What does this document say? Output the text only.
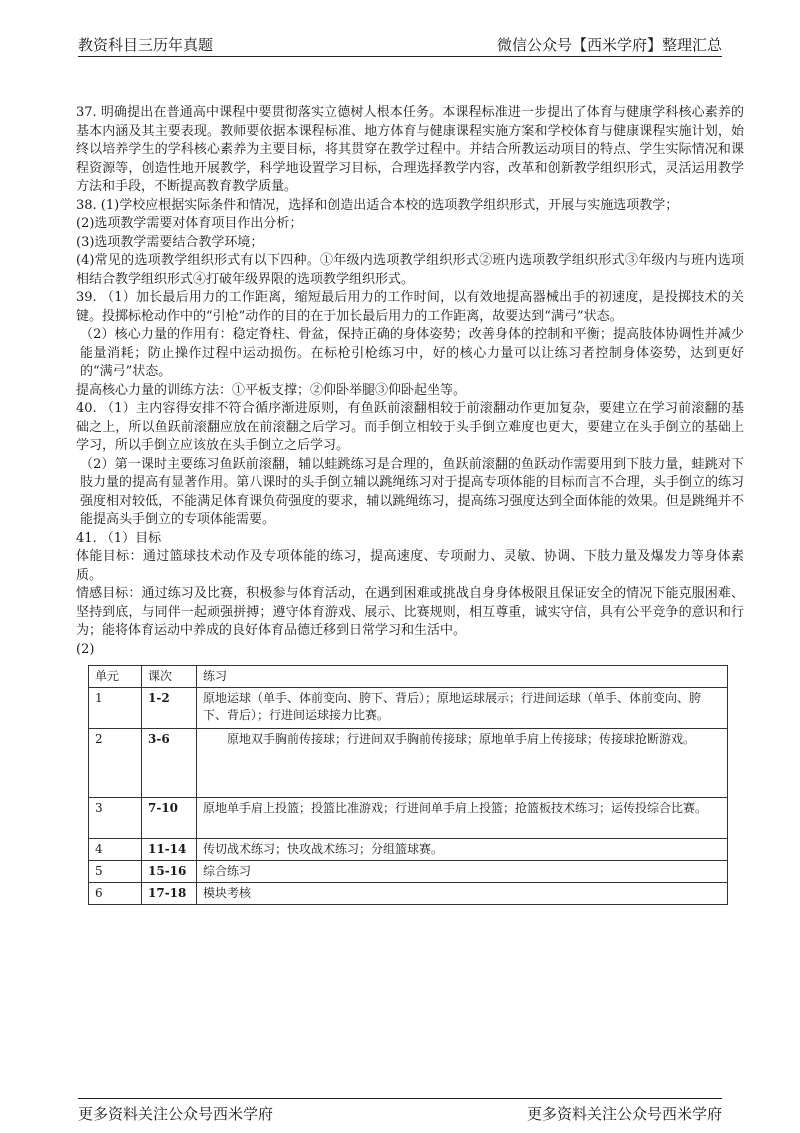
教资科目三历年真题	微信公众号【西米学府】整理汇总

37. 明确提出在普通高中课程中要贯彻落实立德树人根本任务。本课程标准进一步提出了体育与健康学科核心素养的基本内涵及其主要表现。教师要依据本课程标准、地方体育与健康课程实施方案和学校体育与健康课程实施计划，始终以培养学生的学科核心素养为主要目标，将其贯穿在教学过程中。并结合所教运动项目的特点、学生实际情况和课程资源等，创造性地开展教学，科学地设置学习目标，合理选择教学内容，改革和创新教学组织形式，灵活运用教学方法和手段，不断提高教育教学质量。

38. (1)学校应根据实际条件和情况，选择和创造出适合本校的选项教学组织形式，开展与实施选项教学；

(2)选项教学需要对体育项目作出分析；

(3)选项教学需要结合教学环境；

(4)常见的选项教学组织形式有以下四种。①年级内选项教学组织形式②班内选项教学组织形式③年级内与班内选项相结合教学组织形式④打破年级界限的选项教学组织形式。

39. （1）加长最后用力的工作距离，缩短最后用力的工作时间，以有效地提高器械出手的初速度，是投掷技术的关键。投掷标枪动作中的“引枪”动作的目的在于加长最后用力的工作距离，故要达到“满弓”状态。

（2）核心力量的作用有：稳定脊柱、骨盆，保持正确的身体姿势；改善身体的控制和平衡；提高肢体协调性并减少能量消耗；防止操作过程中运动损伤。在标枪引枪练习中，好的核心力量可以让练习者控制身体姿势，达到更好的“满弓”状态。

提高核心力量的训练方法：①平板支撑；②仰卧举腿③仰卧起坐等。

40. （1）主内容得安排不符合循序渐进原则，有鱼跃前滚翻相较于前滚翻动作更加复杂，要建立在学习前滚翻的基础之上，所以鱼跃前滚翻应放在前滚翻之后学习。而手倒立相较于头手倒立难度也更大，要建立在头手倒立的基础上学习，所以手倒立应该放在头手倒立之后学习。

（2）第一课时主要练习鱼跃前滚翻，辅以蛙跳练习是合理的，鱼跃前滚翻的鱼跃动作需要用到下肢力量，蛙跳对下肢力量的提高有显著作用。第八课时的头手倒立辅以跳绳练习对于提高专项体能的目标而言不合理，头手倒立的练习强度相对较低，不能满足体育课负荷强度的要求，辅以跳绳练习，提高练习强度达到全面体能的效果。但是跳绳并不能提高头手倒立的专项体能需要。

41. （1）目标

体能目标：通过篮球技术动作及专项体能的练习，提高速度、专项耐力、灵敏、协调、下肢力量及爆发力等身体素质。

情感目标：通过练习及比赛，积极参与体育活动，在遇到困难或挑战自身身体极限且保证安全的情况下能克服困难、坚持到底，与同伴一起顽强拼搏；遵守体育游戏、展示、比赛规则，相互尊重，诚实守信，具有公平竞争的意识和行为；能将体育运动中养成的良好体育品德迁移到日常学习和生活中。

(2)

单元	课次	练习
1	1-2	原地运球（单手、体前变向、胯下、背后）；原地运球展示；行进间运球（单手、体前变向、胯下、背后）；行进间运球接力比赛。
2	3-6	原地双手胸前传接球；行进间双手胸前传接球；原地单手肩上传接球；传接球抢断游戏。
3	7-10	原地单手肩上投篮；投篮比准游戏；行进间单手肩上投篮；抢篮板技术练习；运传投综合比赛。
4	11-14	传切战术练习；快攻战术练习；分组篮球赛。
5	15-16	综合练习
6	17-18	模块考核
更多资料关注公众号西米学府	更多资料关注公众号西米学府
